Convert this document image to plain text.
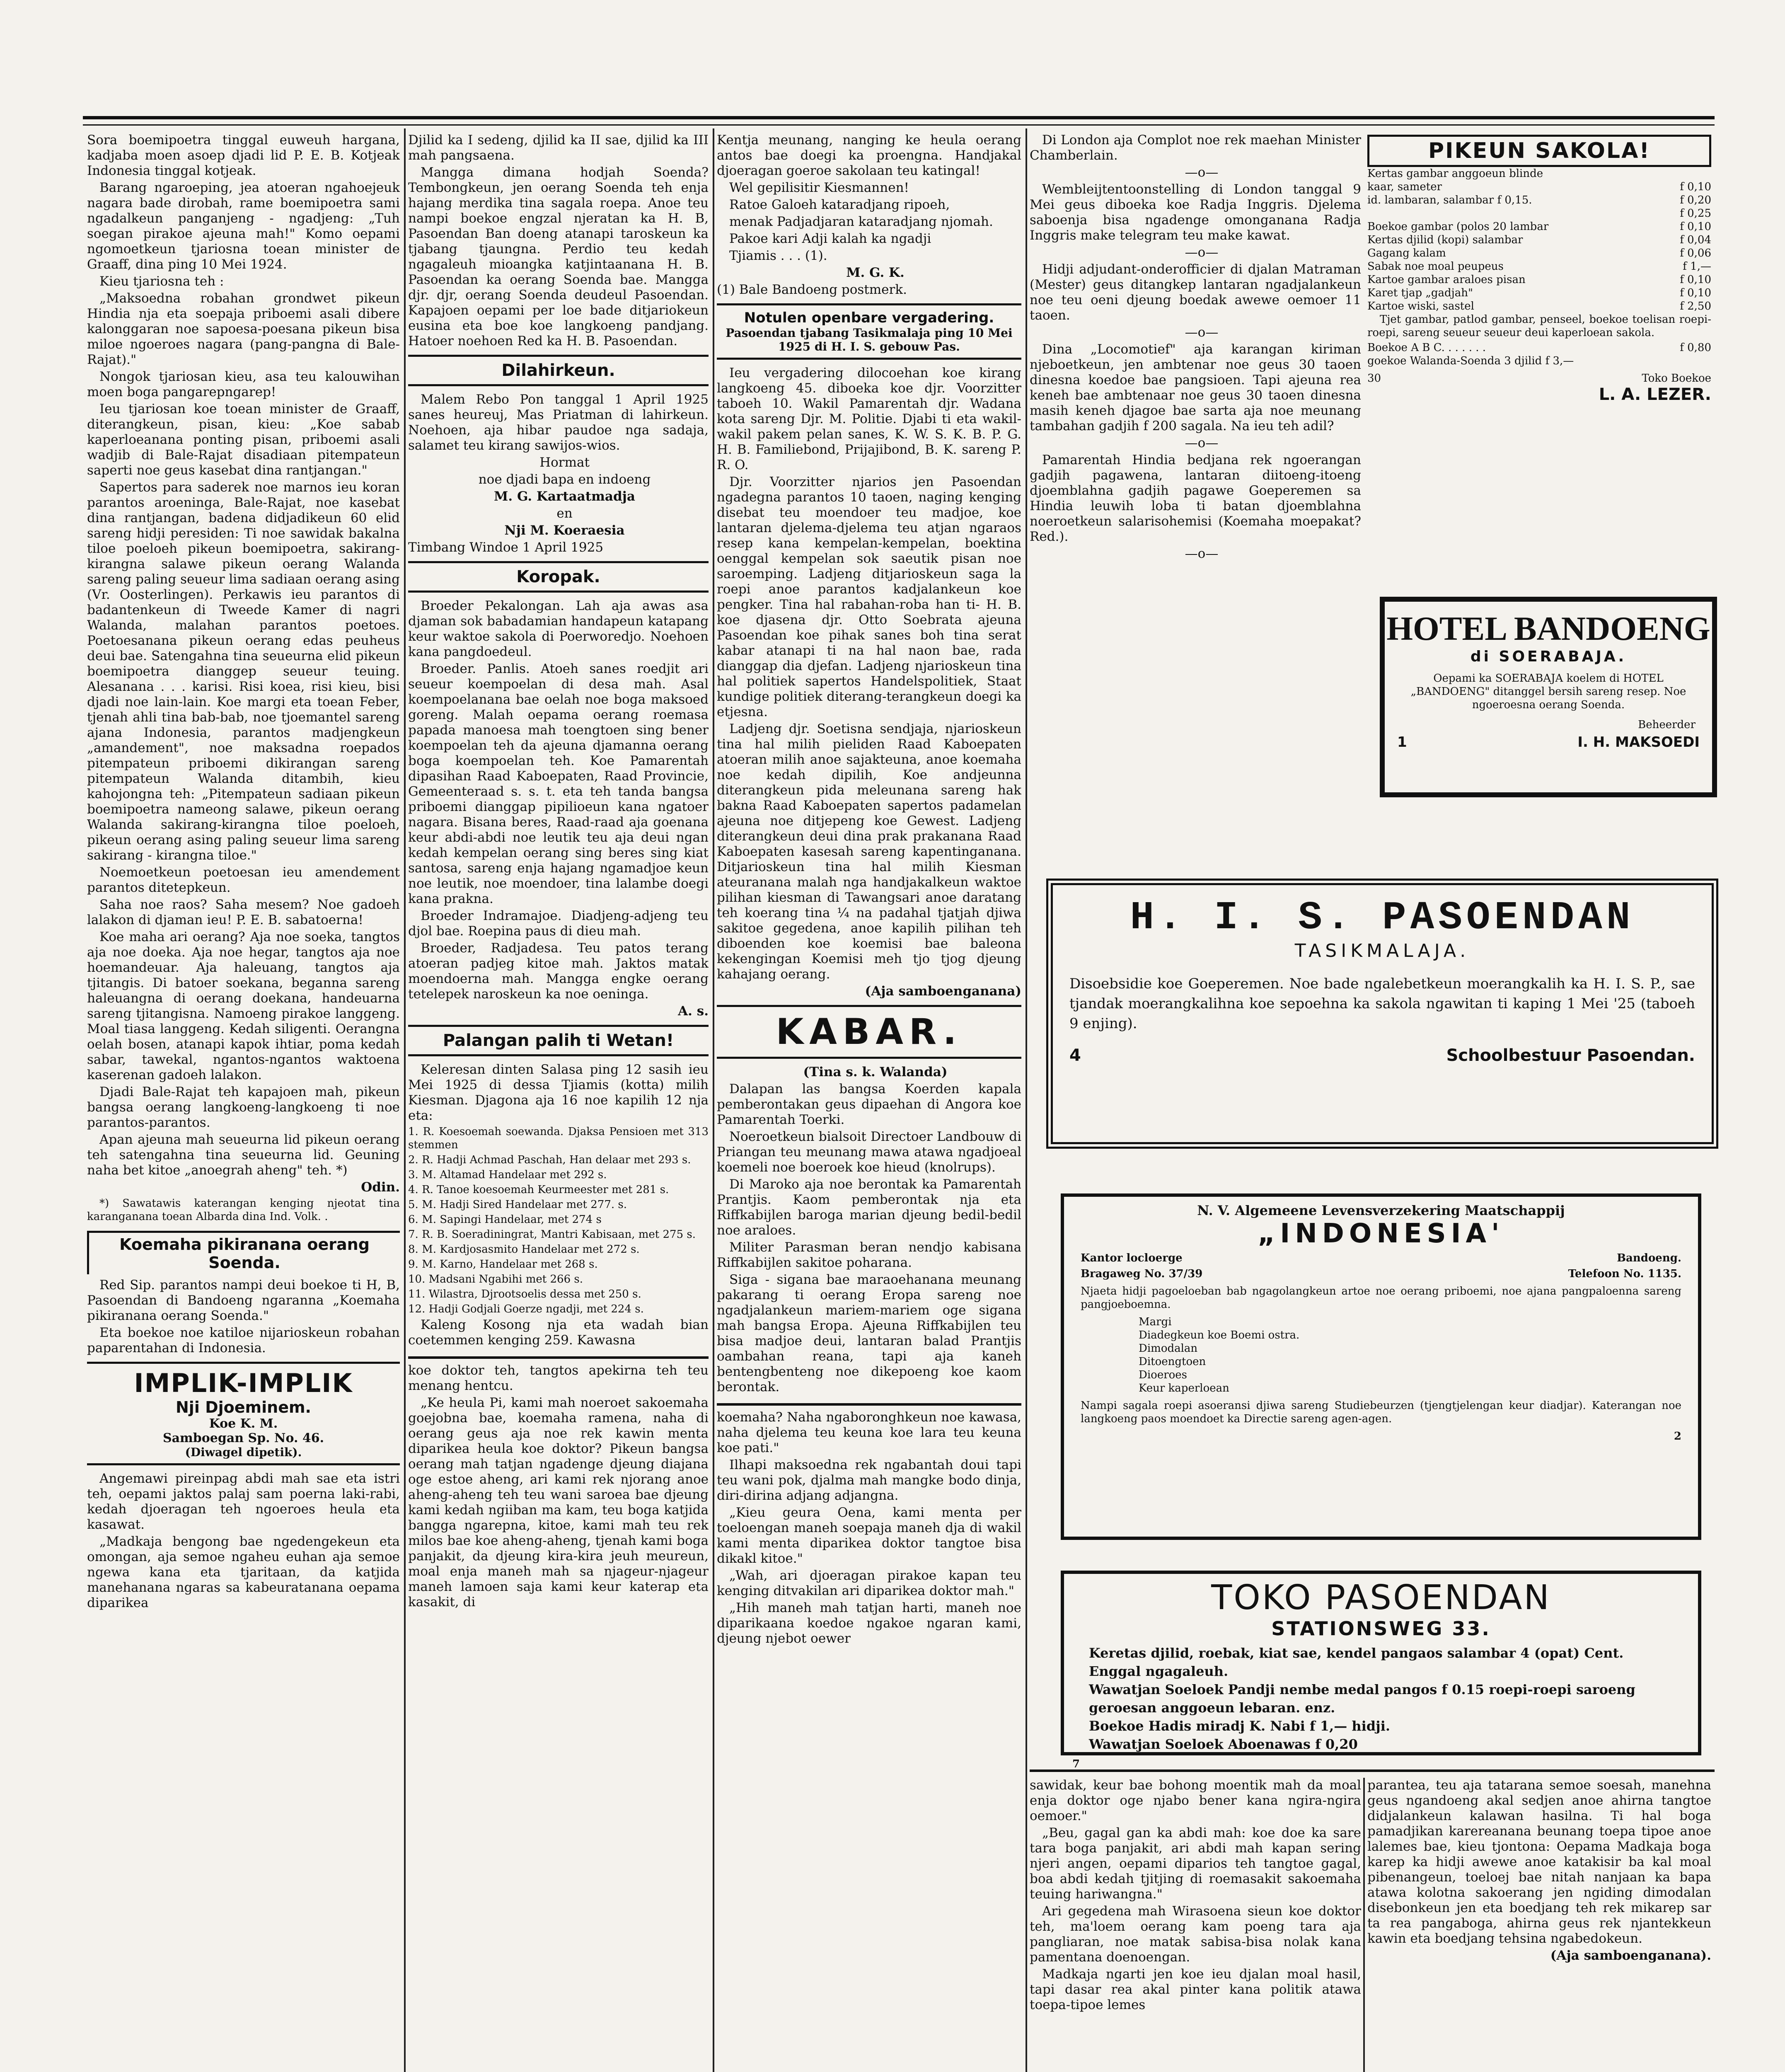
Sora boemipoetra tinggal euweuh hargana, kadjaba moen asoep djadi lid P. E. B. Kotjeak Indonesia tinggal kotjeak.

Barang ngaroeping, jea atoeran ngahoejeuk nagara bade dirobah, rame boemipoetra sami ngadalkeun panganjeng - ngadjeng: „Tuh soegan pirakoe ajeuna mah!" Komo oepami ngomoetkeun tjariosna toean minister de Graaff, dina ping 10 Mei 1924.

Kieu tjariosna teh :

„Maksoedna robahan grondwet pikeun Hindia nja eta soepaja priboemi asali dibere kalonggaran noe sapoesa-poesana pikeun bisa miloe ngoeroes nagara (pang-pangna di Bale-Rajat)."

Nongok tjariosan kieu, asa teu kalouwihan moen boga pangarepngarep!

Ieu tjariosan koe toean minister de Graaff, diterangkeun, pisan, kieu: „Koe sabab kaperloeanana ponting pisan, priboemi asali wadjib di Bale-Rajat disadiaan pitempateun saperti noe geus kasebat dina rantjangan."

Sapertos para saderek noe marnos ieu koran parantos aroeninga, Bale-Rajat, noe kasebat dina rantjangan, badena didjadikeun 60 elid sareng hidji peresiden: Ti noe sawidak bakalna tiloe poeloeh pikeun boemipoetra, sakirang-kirangna salawe pikeun oerang Walanda sareng paling seueur lima sadiaan oerang asing (Vr. Oosterlingen). Perkawis ieu parantos di badantenkeun di Tweede Kamer di nagri Walanda, malahan parantos poetoes. Poetoesanana pikeun oerang edas peuheus deui bae. Satengahna tina seueurna elid pikeun boemipoetra dianggep seueur teuing. Alesanana . . . karisi. Risi koea, risi kieu, bisi djadi noe lain-lain. Koe margi eta toean Feber, tjenah ahli tina bab-bab, noe tjoemantel sareng ajana Indonesia, parantos madjengkeun „amandement", noe maksadna roepados pitempateun priboemi dikirangan sareng pitempateun Walanda ditambih, kieu kahojongna teh: „Pitempateun sadiaan pikeun boemipoetra nameong salawe, pikeun oerang Walanda sakirang-kirangna tiloe poeloeh, pikeun oerang asing paling seueur lima sareng sakirang - kirangna tiloe."

Noemoetkeun poetoesan ieu amendement parantos ditetepkeun.

Saha noe raos? Saha mesem? Noe gadoeh lalakon di djaman ieu! P. E. B. sabatoerna!

Koe maha ari oerang? Aja noe soeka, tangtos aja noe doeka. Aja noe hegar, tangtos aja noe hoemandeuar. Aja haleuang, tangtos aja tjitangis. Di batoer soekana, beganna sareng haleuangna di oerang doekana, handeuarna sareng tjitangisna. Namoeng pirakoe langgeng. Moal tiasa langgeng. Kedah siligenti. Oerangna oelah bosen, atanapi kapok ihtiar, poma kedah sabar, tawekal, ngantos-ngantos waktoena kaserenan gadoeh lalakon.

Djadi Bale-Rajat teh kapajoen mah, pikeun bangsa oerang langkoeng-langkoeng ti noe parantos-parantos.

Apan ajeuna mah seueurna lid pikeun oerang teh satengahna tina seueurna lid. Geuning naha bet kitoe „anoegrah aheng" teh. *)

Odin.

*) Sawatawis katerangan kenging njeotat tina karanganana toean Albarda dina Ind. Volk. .

Koemaha pikiranana oerang Soenda.

Red Sip. parantos nampi deui boekoe ti H, B, Pasoendan di Bandoeng ngaranna „Koemaha pikiranana oerang Soenda."

Eta boekoe noe katiloe nijarioskeun robahan paparentahan di Indonesia.

IMPLIK-IMPLIK
Nji Djoeminem.
Koe K. M.
Samboegan Sp. No. 46.
(Diwagel dipetik).

Angemawi pireinpag abdi mah sae eta istri teh, oepami jaktos palaj sam poerna laki-rabi, kedah djoeragan teh ngoeroes heula eta kasawat.

„Madkaja bengong bae ngedengekeun eta omongan, aja semoe ngaheu euhan aja semoe ngewa kana eta tjaritaan, da katjida manehanana ngaras sa kabeuratanana oepama diparikea

Djilid ka I sedeng, djilid ka II sae, djilid ka III mah pangsaena.

Mangga dimana hodjah Soenda? Tembongkeun, jen oerang Soenda teh enja hajang merdika tina sagala roepa. Anoe teu nampi boekoe engzal njeratan ka H. B, Pasoendan Ban doeng atanapi taroskeun ka tjabang tjaungna. Perdio teu kedah ngagaleuh mioangka katjintaanana H. B. Pasoendan ka oerang Soenda bae. Mangga djr. djr, oerang Soenda deudeul Pasoendan. Kapajoen oepami per loe bade ditjariokeun eusina eta boe koe langkoeng pandjang. Hatoer noehoen Red ka H. B. Pasoendan.

Dilahirkeun.

Malem Rebo Pon tanggal 1 April 1925 sanes heureuj, Mas Priatman di lahirkeun. Noehoen, aja hibar paudoe nga sadaja, salamet teu kirang sawijos-wios.

Hormat

noe djadi bapa en indoeng

M. G. Kartaatmadja

en

Nji M. Koeraesia

Timbang Windoe 1 April 1925

Koropak.

Broeder Pekalongan. Lah aja awas asa djaman sok babadamian handapeun katapang keur waktoe sakola di Poerworedjo. Noehoen kana pangdoedeul.

Broeder. Panlis. Atoeh sanes roedjit ari seueur koempoelan di desa mah. Asal koempoelanana bae oelah noe boga maksoed goreng. Malah oepama oerang roemasa papada manoesa mah toengtoen sing bener koempoelan teh da ajeuna djamanna oerang boga koempoelan teh. Koe Pamarentah dipasihan Raad Kaboepaten, Raad Provincie, Gemeenteraad s. s. t. eta teh tanda bangsa priboemi dianggap pipilioeun kana ngatoer nagara. Bisana beres, Raad-raad aja goenana keur abdi-abdi noe leutik teu aja deui ngan kedah kempelan oerang sing beres sing kiat santosa, sareng enja hajang ngamadjoe keun noe leutik, noe moendoer, tina lalambe doegi kana prakna.

Broeder Indramajoe. Diadjeng-adjeng teu djol bae. Roepina paus di dieu mah.

Broeder, Radjadesa. Teu patos terang atoeran padjeg kitoe mah. Jaktos matak moendoerna mah. Mangga engke oerang tetelepek naroskeun ka noe oeninga.

A. s.

Palangan palih ti Wetan!

Keleresan dinten Salasa ping 12 sasih ieu Mei 1925 di dessa Tjiamis (kotta) milih Kiesman. Djagona aja 16 noe kapilih 12 nja eta:

1. R. Koesoemah soewanda. Djaksa Pensioen met 313 stemmen

2. R. Hadji Achmad Paschah, Han delaar met 293 s.

3. M. Altamad Handelaar met 292 s.

4. R. Tanoe koesoemah Keurmeester met 281 s.

5. M. Hadji Sired Handelaar met 277. s.

6. M. Sapingi Handelaar, met 274 s

7. R. B. Soeradiningrat, Mantri Kabisaan, met 275 s.

8. M. Kardjosasmito Handelaar met 272 s.

9. M. Karno, Handelaar met 268 s.

10. Madsani Ngabihi met 266 s.

11. Wilastra, Djrootsoelis dessa met 250 s.

12. Hadji Godjali Goerze ngadji, met 224 s.

Kaleng Kosong nja eta wadah bian coetemmen kenging 259. Kawasna

koe doktor teh, tangtos apekirna teh teu menang hentcu.

„Ke heula Pi, kami mah noeroet sakoemaha goejobna bae, koemaha ramena, naha di oerang geus aja noe rek kawin menta diparikea heula koe doktor? Pikeun bangsa oerang mah tatjan ngadenge djeung diajana oge estoe aheng, ari kami rek njorang anoe aheng-aheng teh teu wani saroea bae djeung kami kedah ngiiban ma kam, teu boga katjida bangga ngarepna, kitoe, kami mah teu rek milos bae koe aheng-aheng, tjenah kami boga panjakit, da djeung kira-kira jeuh meureun, moal enja maneh mah sa njageur-njageur maneh lamoen saja kami keur katerap eta kasakit, di

Kentja meunang, nanging ke heula oerang antos bae doegi ka proengna. Handjakal djoeragan goeroe sakolaan teu katingal!

Wel gepilisitir Kiesmannen!

Ratoe Galoeh kataradjang ripoeh,

menak Padjadjaran kataradjang njomah.

Pakoe kari Adji kalah ka ngadji

Tjiamis . . . (1).

M. G. K.

(1) Bale Bandoeng postmerk.

Notulen openbare vergadering.
Pasoendan tjabang Tasikmalaja ping 10 Mei 1925 di H. I. S. gebouw Pas.

Ieu vergadering dilocoehan koe kirang langkoeng 45. diboeka koe djr. Voorzitter taboeh 10. Wakil Pamarentah djr. Wadana kota sareng Djr. M. Politie. Djabi ti eta wakil-wakil pakem pelan sanes, K. W. S. K. B. P. G. H. B. Familiebond, Prijajibond, B. K. sareng P. R. O.

Djr. Voorzitter njarios jen Pasoendan ngadegna parantos 10 taoen, naging kenging disebat teu moendoer teu madjoe, koe lantaran djelema-djelema teu atjan ngaraos resep kana kempelan-kempelan, boektina oenggal kempelan sok saeutik pisan noe saroemping. Ladjeng ditjarioskeun saga la roepi anoe parantos kadjalankeun koe pengker. Tina hal rabahan-roba han ti- H. B. koe djasena djr. Otto Soebrata ajeuna Pasoendan koe pihak sanes boh tina serat kabar atanapi ti na hal naon bae, rada dianggap dia djefan. Ladjeng njarioskeun tina hal politiek sapertos Handelspolitiek, Staat kundige politiek diterang-terangkeun doegi ka etjesna.

Ladjeng djr. Soetisna sendjaja, njarioskeun tina hal milih pieliden Raad Kaboepaten atoeran milih anoe sajakteuna, anoe koemaha noe kedah dipilih, Koe andjeunna diterangkeun pida meleunana sareng hak bakna Raad Kaboepaten sapertos padamelan ajeuna noe ditjepeng koe Gewest. Ladjeng diterangkeun deui dina prak prakanana Raad Kaboepaten kasesah sareng kapentinganana. Ditjarioskeun tina hal milih Kiesman ateuranana malah nga handjakalkeun waktoe pilihan kiesman di Tawangsari anoe daratang teh koerang tina ¼ na padahal tjatjah djiwa sakitoe gegedena, anoe kapilih pilihan teh diboenden koe koemisi bae baleona kekengingan Koemisi meh tjo tjog djeung kahajang oerang.

(Aja samboenganana)

KABAR.

(Tina s. k. Walanda)

Dalapan las bangsa Koerden kapala pemberontakan geus dipaehan di Angora koe Pamarentah Toerki.

Noeroetkeun bialsoit Directoer Landbouw di Priangan teu meunang mawa atawa ngadjoeal koemeli noe boeroek koe hieud (knolrups).

Di Maroko aja noe berontak ka Pamarentah Prantjis. Kaom pemberontak nja eta Riffkabijlen baroga marian djeung bedil-bedil noe araloes.

Militer Parasman beran nendjo kabisana Riffkabijlen sakitoe poharana.

Siga - sigana bae maraoehanana meunang pakarang ti oerang Eropa sareng noe ngadjalankeun mariem-mariem oge sigana mah bangsa Eropa. Ajeuna Riffkabijlen teu bisa madjoe deui, lantaran balad Prantjis oambahan reana, tapi aja kaneh bentengbenteng noe dikepoeng koe kaom berontak.

koemaha? Naha ngaboronghkeun noe kawasa, naha djelema teu keuna koe lara teu keuna koe pati."

Ilhapi maksoedna rek ngabantah doui tapi teu wani pok, djalma mah mangke bodo dinja, diri-dirina adjang adjangna.

„Kieu geura Oena, kami menta per toeloengan maneh soepaja maneh dja di wakil kami menta diparikea doktor tangtoe bisa dikakl kitoe."

„Wah, ari djoeragan pirakoe kapan teu kenging ditvakilan ari diparikea doktor mah."

„Hih maneh mah tatjan harti, maneh noe diparikaana koedoe ngakoe ngaran kami, djeung njebot oewer

Di London aja Complot noe rek maehan Minister Chamberlain.

—o—

Wembleijtentoonstelling di London tanggal 9 Mei geus diboeka koe Radja Inggris. Djelema saboenja bisa ngadenge omonganana Radja Inggris make telegram teu make kawat.

—o—

Hidji adjudant-onderofficier di djalan Matraman (Mester) geus ditangkep lantaran ngadjalankeun noe teu oeni djeung boedak awewe oemoer 11 taoen.

—o—

Dina „Locomotief" aja karangan kiriman njeboetkeun, jen ambtenar noe geus 30 taoen dinesna koedoe bae pangsioen. Tapi ajeuna rea keneh bae ambtenaar noe geus 30 taoen dinesna masih keneh djagoe bae sarta aja noe meunang tambahan gadjih f 200 sagala. Na ieu teh adil?

—o—

Pamarentah Hindia bedjana rek ngoerangan gadjih pagawena, lantaran diitoeng-itoeng djoemblahna gadjih pagawe Goeperemen sa Hindia leuwih loba ti batan djoemblahna noeroetkeun salarisohemisi (Koemaha moepakat? Red.).

—o—

PIKEUN SAKOLA!
Kertas gambar anggoeun blinde
kaar, sameter	f 0,10
id. lambaran, salambar f 0,15.	f 0,20
f 0,25
Boekoe gambar (polos 20 lambar	f 0,10
Kertas djilid (kopi) salambar	f 0,04
Gagang kalam	f 0,06
Sabak noe moal peupeus	f 1,—
Kartoe gambar araloes pisan	f 0,10
Karet tjap „gadjah"	f 0,10
Kartoe wiski, sastel	f 2,50

Tjet gambar, patlod gambar, penseel, boekoe toelisan roepi-roepi, sareng seueur seueur deui kaperloean sakola.

Boekoe A B C. . . . . . .	f 0,80
goekoe Walanda-Soenda 3 djilid f 3,—
30	Toko Boekoe
L. A. LEZER.
HOTEL BANDOENG
di SOERABAJA.

Oepami ka SOERABAJA koelem di HOTEL „BANDOENG" ditanggel bersih sareng resep. Noe ngoeroesna oerang Soenda.

Beheerder
1	I. H. MAKSOEDI
H. I. S. PASOENDAN
TASIKMALAJA.

Disoebsidie koe Goeperemen. Noe bade ngalebetkeun moerangkalih ka H. I. S. P., sae tjandak moerangkalihna koe sepoehna ka sakola ngawitan ti kaping 1 Mei '25 (taboeh 9 enjing).

4	Schoolbestuur Pasoendan.
N. V. Algemeene Levensverzekering Maatschappij
„INDONESIA'
Kantor locloerge	Bandoeng.
Bragaweg No. 37/39	Telefoon No. 1135.

Njaeta hidji pagoeloeban bab ngagolangkeun artoe noe oerang priboemi, noe ajana pangpaloenna sareng pangjoeboemna.

Margi
Diadegkeun koe Boemi ostra.
Dimodalan
Ditoengtoen
Dioeroes
Keur kaperloean

Nampi sagala roepi asoeransi djiwa sareng Studiebeurzen (tjengtjelengan keur diadjar). Katerangan noe langkoeng paos moendoet ka Directie sareng agen-agen.

2
TOKO PASOENDAN
STATIONSWEG 33.
Keretas djilid, roebak, kiat sae, kendel pangaos salambar 4 (opat) Cent. Enggal ngagaleuh.
Wawatjan Soeloek Pandji nembe medal pangos f 0.15 roepi-roepi saroeng geroesan anggoeun lebaran. enz.
Boekoe Hadis miradj K. Nabi f 1,— hidji.
Wawatjan Soeloek Aboenawas f 0,20
7

sawidak, keur bae bohong moentik mah da moal enja doktor oge njabo bener kana ngira-ngira oemoer."

„Beu, gagal gan ka abdi mah: koe doe ka sare tara boga panjakit, ari abdi mah kapan sering njeri angen, oepami diparios teh tangtoe gagal, boa abdi kedah tjitjing di roemasakit sakoemaha teuing hariwangna."

Ari gegedena mah Wirasoena sieun koe doktor teh, ma'loem oerang kam poeng tara aja pangliaran, noe matak sabisa-bisa nolak kana pamentana doenoengan.

Madkaja ngarti jen koe ieu djalan moal hasil, tapi dasar rea akal pinter kana politik atawa toepa-tipoe lemes

parantea, teu aja tatarana semoe soesah, manehna geus ngandoeng akal sedjen anoe ahirna tangtoe didjalankeun kalawan hasilna. Ti hal boga pamadjikan karereanana beunang toepa tipoe anoe lalemes bae, kieu tjontona: Oepama Madkaja boga karep ka hidji awewe anoe katakisir ba kal moal pibenangeun, toeloej bae nitah nanjaan ka bapa atawa kolotna sakoerang jen ngiding dimodalan disebonkeun jen eta boedjang teh rek mikarep sar ta rea pangaboga, ahirna geus rek njantekkeun kawin eta boedjang tehsina ngabedokeun.

(Aja samboenganana).
